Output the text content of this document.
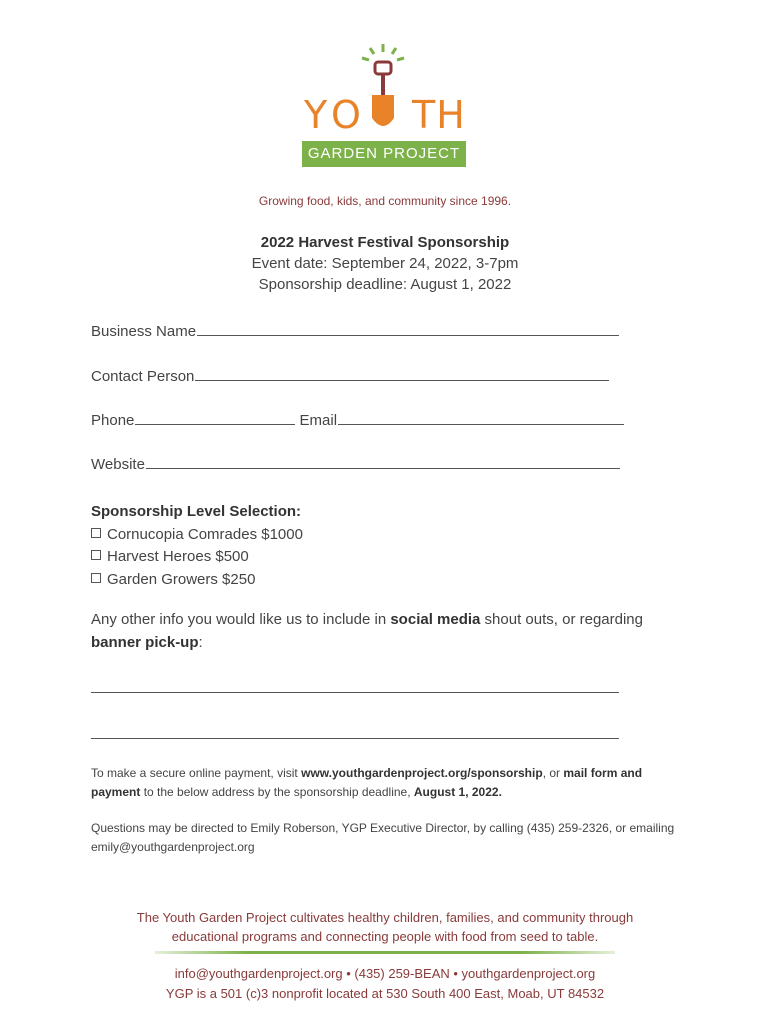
Y O TH
GARDEN PROJECT
Growing food, kids, and community since 1996.
2022 Harvest Festival Sponsorship
Event date: September 24, 2022, 3-7pm
Sponsorship deadline: August 1, 2022
Business Name
Contact Person
Phone	Email
Website
Sponsorship Level Selection:
Cornucopia Comrades $1000
Harvest Heroes $500
Garden Growers $250
Any other info you would like us to include in social media shout outs, or regarding banner pick-up:
To make a secure online payment, visit www.youthgardenproject.org/sponsorship, or mail form and payment to the below address by the sponsorship deadline, August 1, 2022.
Questions may be directed to Emily Roberson, YGP Executive Director, by calling (435) 259-2326, or emailing emily@youthgardenproject.org
The Youth Garden Project cultivates healthy children, families, and community through
educational programs and connecting people with food from seed to table.
info@youthgardenproject.org • (435) 259-BEAN • youthgardenproject.org
YGP is a 501 (c)3 nonprofit located at 530 South 400 East, Moab, UT 84532
